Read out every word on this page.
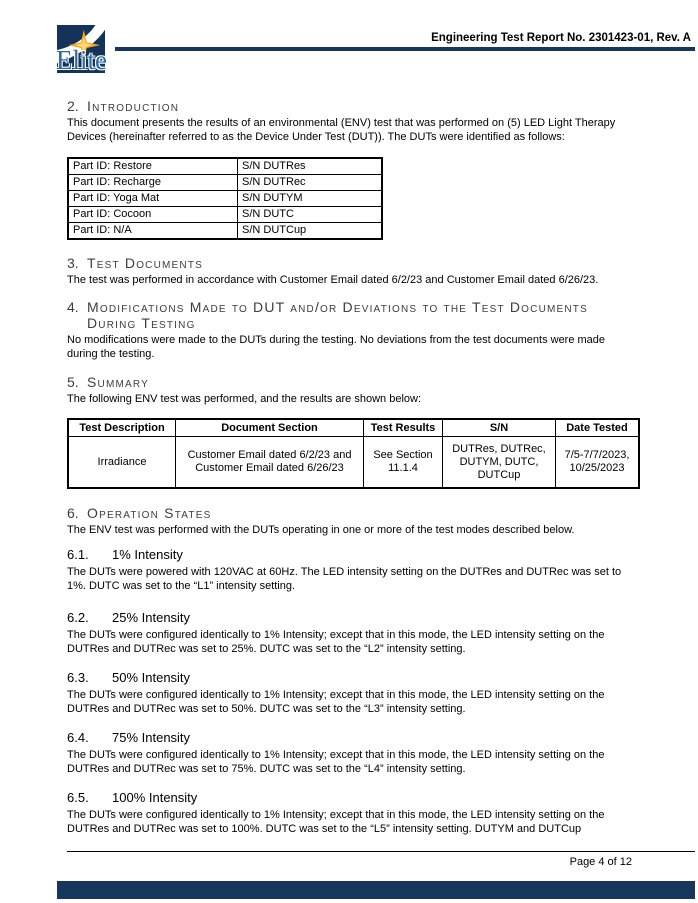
Elite
Engineering Test Report No. 2301423-01, Rev. A
2. Introduction

This document presents the results of an environmental (ENV) test that was performed on (5) LED Light Therapy Devices (hereinafter referred to as the Device Under Test (DUT)). The DUTs were identified as follows:

Part ID: Restore	S/N DUTRes
Part ID: Recharge	S/N DUTRec
Part ID: Yoga Mat	S/N DUTYM
Part ID: Cocoon	S/N DUTC
Part ID: N/A	S/N DUTCup
3. Test Documents

The test was performed in accordance with Customer Email dated 6/2/23 and Customer Email dated 6/26/23.

4. Modifications Made to DUT and/or Deviations to the Test Documents During Testing

No modifications were made to the DUTs during the testing. No deviations from the test documents were made during the testing.

5. Summary

The following ENV test was performed, and the results are shown below:

Test Description	Document Section	Test Results	S/N	Date Tested
Irradiance	Customer Email dated 6/2/23 and Customer Email dated 6/26/23	See Section 11.1.4	DUTRes, DUTRec, DUTYM, DUTC, DUTCup	7/5-7/7/2023, 10/25/2023
6. Operation States

The ENV test was performed with the DUTs operating in one or more of the test modes described below.

6.1. 1% Intensity

The DUTs were powered with 120VAC at 60Hz. The LED intensity setting on the DUTRes and DUTRec was set to 1%. DUTC was set to the “L1” intensity setting.

6.2. 25% Intensity

The DUTs were configured identically to 1% Intensity; except that in this mode, the LED intensity setting on the DUTRes and DUTRec was set to 25%. DUTC was set to the “L2” intensity setting.

6.3. 50% Intensity

The DUTs were configured identically to 1% Intensity; except that in this mode, the LED intensity setting on the DUTRes and DUTRec was set to 50%. DUTC was set to the “L3” intensity setting.

6.4. 75% Intensity

The DUTs were configured identically to 1% Intensity; except that in this mode, the LED intensity setting on the DUTRes and DUTRec was set to 75%. DUTC was set to the “L4” intensity setting.

6.5. 100% Intensity

The DUTs were configured identically to 1% Intensity; except that in this mode, the LED intensity setting on the DUTRes and DUTRec was set to 100%. DUTC was set to the “L5” intensity setting. DUTYM and DUTCup

Page 4 of 12
